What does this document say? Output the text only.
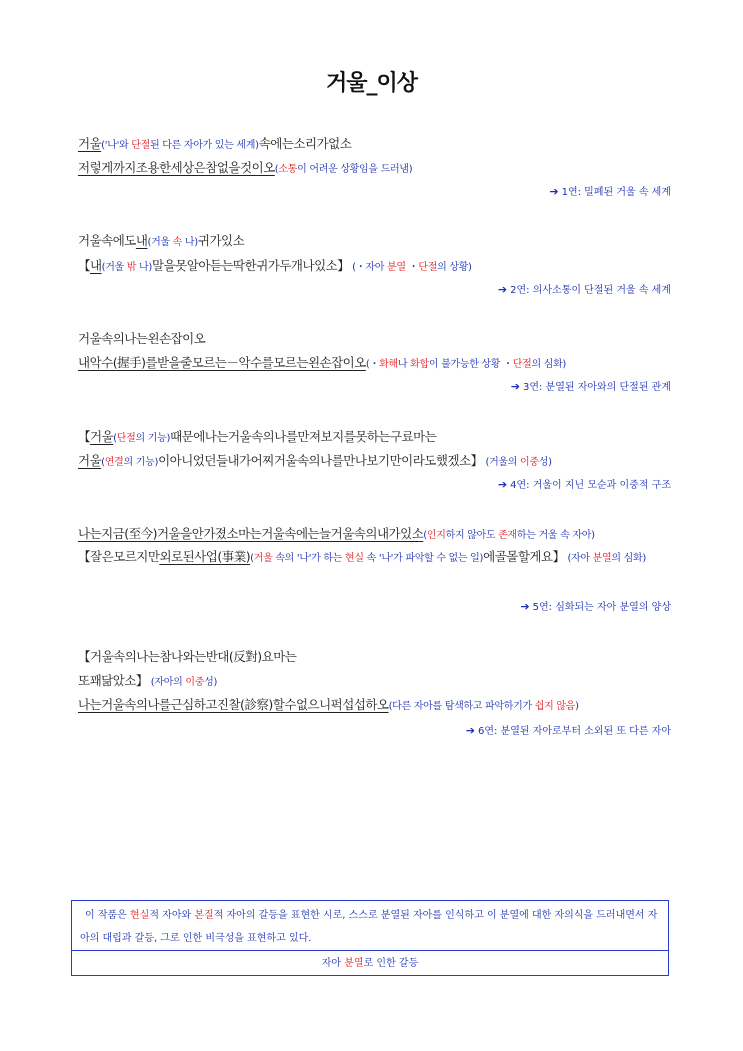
거울_이상
거울('나'와 단절된 다른 자아가 있는 세계)속에는소리가없소
저렇게까지조용한세상은참없을것이오(소통이 어려운 상황임을 드러냄)
➔ 1연: 밀폐된 거울 속 세계
거울속에도내(거울 속 나)귀가있소
【내(거울 밖 나)말을못알아듣는딱한귀가두개나있소】 (・자아 분열 ・단절의 상황)
➔ 2연: 의사소통이 단절된 거울 속 세계
거울속의나는왼손잡이오
내악수(握手)를받을줄모르는－악수를모르는왼손잡이오(・화해나 화합이 불가능한 상황 ・단절의 심화)
➔ 3연: 분열된 자아와의 단절된 관계
【거울(단절의 기능)때문에나는거울속의나를만져보지를못하는구료마는
거울(연결의 기능)이아니었던들내가어찌거울속의나를만나보기만이라도했겠소】 (거울의 이중성)
➔ 4연: 거울이 지닌 모순과 이중적 구조
나는지금(至今)거울을안가졌소마는거울속에는늘거울속의내가있소(인지하지 않아도 존재하는 거울 속 자아)
【잘은모르지만외로된사업(事業)(거울 속의 '나'가 하는 현실 속 '나'가 파악할 수 없는 일)에골몰할게요】 (자아 분열의 심화)
➔ 5연: 심화되는 자아 분열의 양상
【거울속의나는참나와는반대(反對)요마는
또꽤닮았소】 (자아의 이중성)
나는거울속의나를근심하고진찰(診察)할수없으니퍽섭섭하오(다른 자아를 탐색하고 파악하기가 쉽지 않음)
➔ 6연: 분열된 자아로부터 소외된 또 다른 자아
이 작품은 현실적 자아와 본질적 자아의 갈등을 표현한 시로, 스스로 분열된 자아를 인식하고 이 분열에 대한 자의식을 드러내면서 자아의 대립과 갈등, 그로 인한 비극성을 표현하고 있다.
자아 분열로 인한 갈등
